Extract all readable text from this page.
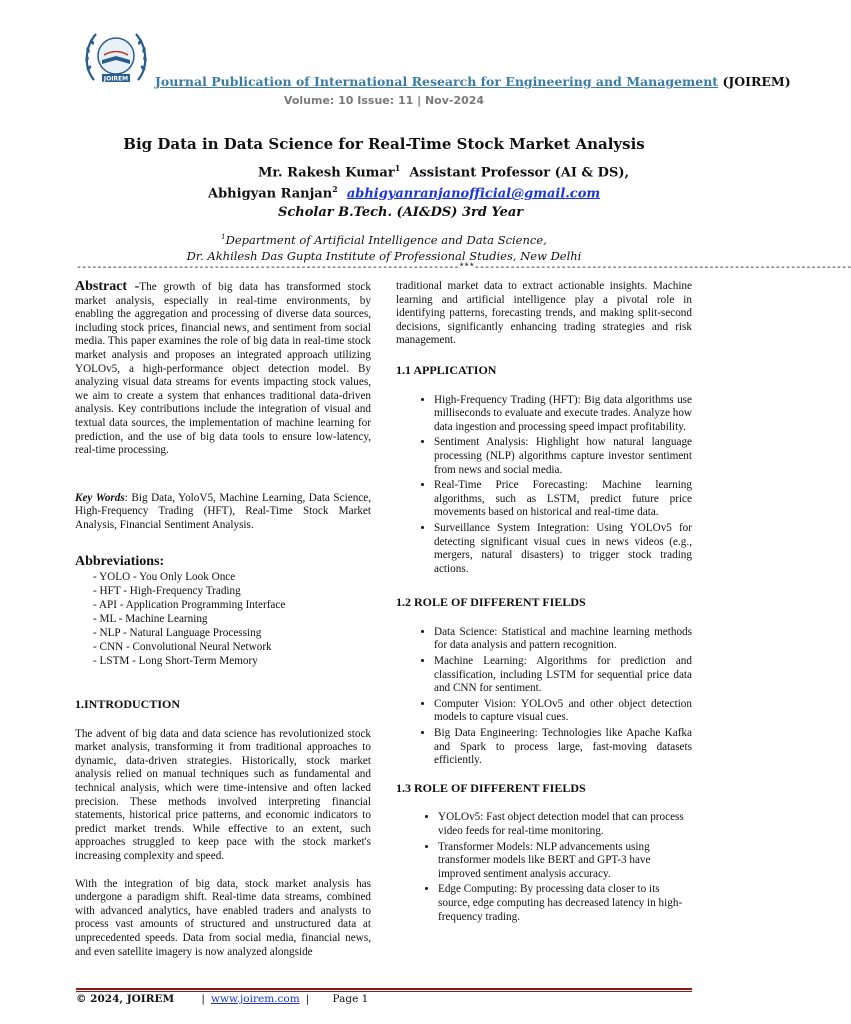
JOIREM Journal Publication of International Research for Engineering and Management (JOIREM)
Volume: 10 Issue: 11 | Nov-2024
Big Data in Data Science for Real-Time Stock Market Analysis
Mr. Rakesh Kumar$^1$ Assistant Professor (AI & DS),
Abhigyan Ranjan$^2$ abhigyanranjanofficial@gmail.com
Scholar B.Tech. (AI&DS) 3rd Year
$^1$Department of Artificial Intelligence and Data Science,
Dr. Akhilesh Das Gupta Institute of Professional Studies, New Delhi
---------------------------------------------------------------------------***--------------------------------------------------------------------------

Abstract -The growth of big data has transformed stock market analysis, especially in real-time environments, by enabling the aggregation and processing of diverse data sources, including stock prices, financial news, and sentiment from social media. This paper examines the role of big data in real-time stock market analysis and proposes an integrated approach utilizing YOLOv5, a high-performance object detection model. By analyzing visual data streams for events impacting stock values, we aim to create a system that enhances traditional data-driven analysis. Key contributions include the integration of visual and textual data sources, the implementation of machine learning for prediction, and the use of big data tools to ensure low-latency, real-time processing.

Key Words: Big Data, YoloV5, Machine Learning, Data Science, High-Frequency Trading (HFT), Real-Time Stock Market Analysis, Financial Sentiment Analysis.

Abbreviations:
- YOLO - You Only Look Once
- HFT - High-Frequency Trading
- API - Application Programming Interface
- ML - Machine Learning
- NLP - Natural Language Processing
- CNN - Convolutional Neural Network
- LSTM - Long Short-Term Memory
1.INTRODUCTION

The advent of big data and data science has revolutionized stock market analysis, transforming it from traditional approaches to dynamic, data-driven strategies. Historically, stock market analysis relied on manual techniques such as fundamental and technical analysis, which were time-intensive and often lacked precision. These methods involved interpreting financial statements, historical price patterns, and economic indicators to predict market trends. While effective to an extent, such approaches struggled to keep pace with the stock market's increasing complexity and speed.

With the integration of big data, stock market analysis has undergone a paradigm shift. Real-time data streams, combined with advanced analytics, have enabled traders and analysts to process vast amounts of structured and unstructured data at unprecedented speeds. Data from social media, financial news, and even satellite imagery is now analyzed alongside

traditional market data to extract actionable insights. Machine learning and artificial intelligence play a pivotal role in identifying patterns, forecasting trends, and making split-second decisions, significantly enhancing trading strategies and risk management.

1.1 APPLICATION
• High-Frequency Trading (HFT): Big data algorithms use milliseconds to evaluate and execute trades. Analyze how data ingestion and processing speed impact profitability.
• Sentiment Analysis: Highlight how natural language processing (NLP) algorithms capture investor sentiment from news and social media.
• Real-Time Price Forecasting: Machine learning algorithms, such as LSTM, predict future price movements based on historical and real-time data.
• Surveillance System Integration: Using YOLOv5 for detecting significant visual cues in news videos (e.g., mergers, natural disasters) to trigger stock trading actions.
1.2 ROLE OF DIFFERENT FIELDS
• Data Science: Statistical and machine learning methods for data analysis and pattern recognition.
• Machine Learning: Algorithms for prediction and classification, including LSTM for sequential price data and CNN for sentiment.
• Computer Vision: YOLOv5 and other object detection models to capture visual cues.
• Big Data Engineering: Technologies like Apache Kafka and Spark to process large, fast-moving datasets efficiently.
1.3 ROLE OF DIFFERENT FIELDS
• YOLOv5: Fast object detection model that can process video feeds for real-time monitoring.
• Transformer Models: NLP advancements using transformer models like BERT and GPT-3 have improved sentiment analysis accuracy.
• Edge Computing: By processing data closer to its source, edge computing has decreased latency in high-frequency trading.
© 2024, JOIREM	| www.joirem.com | Page 1
